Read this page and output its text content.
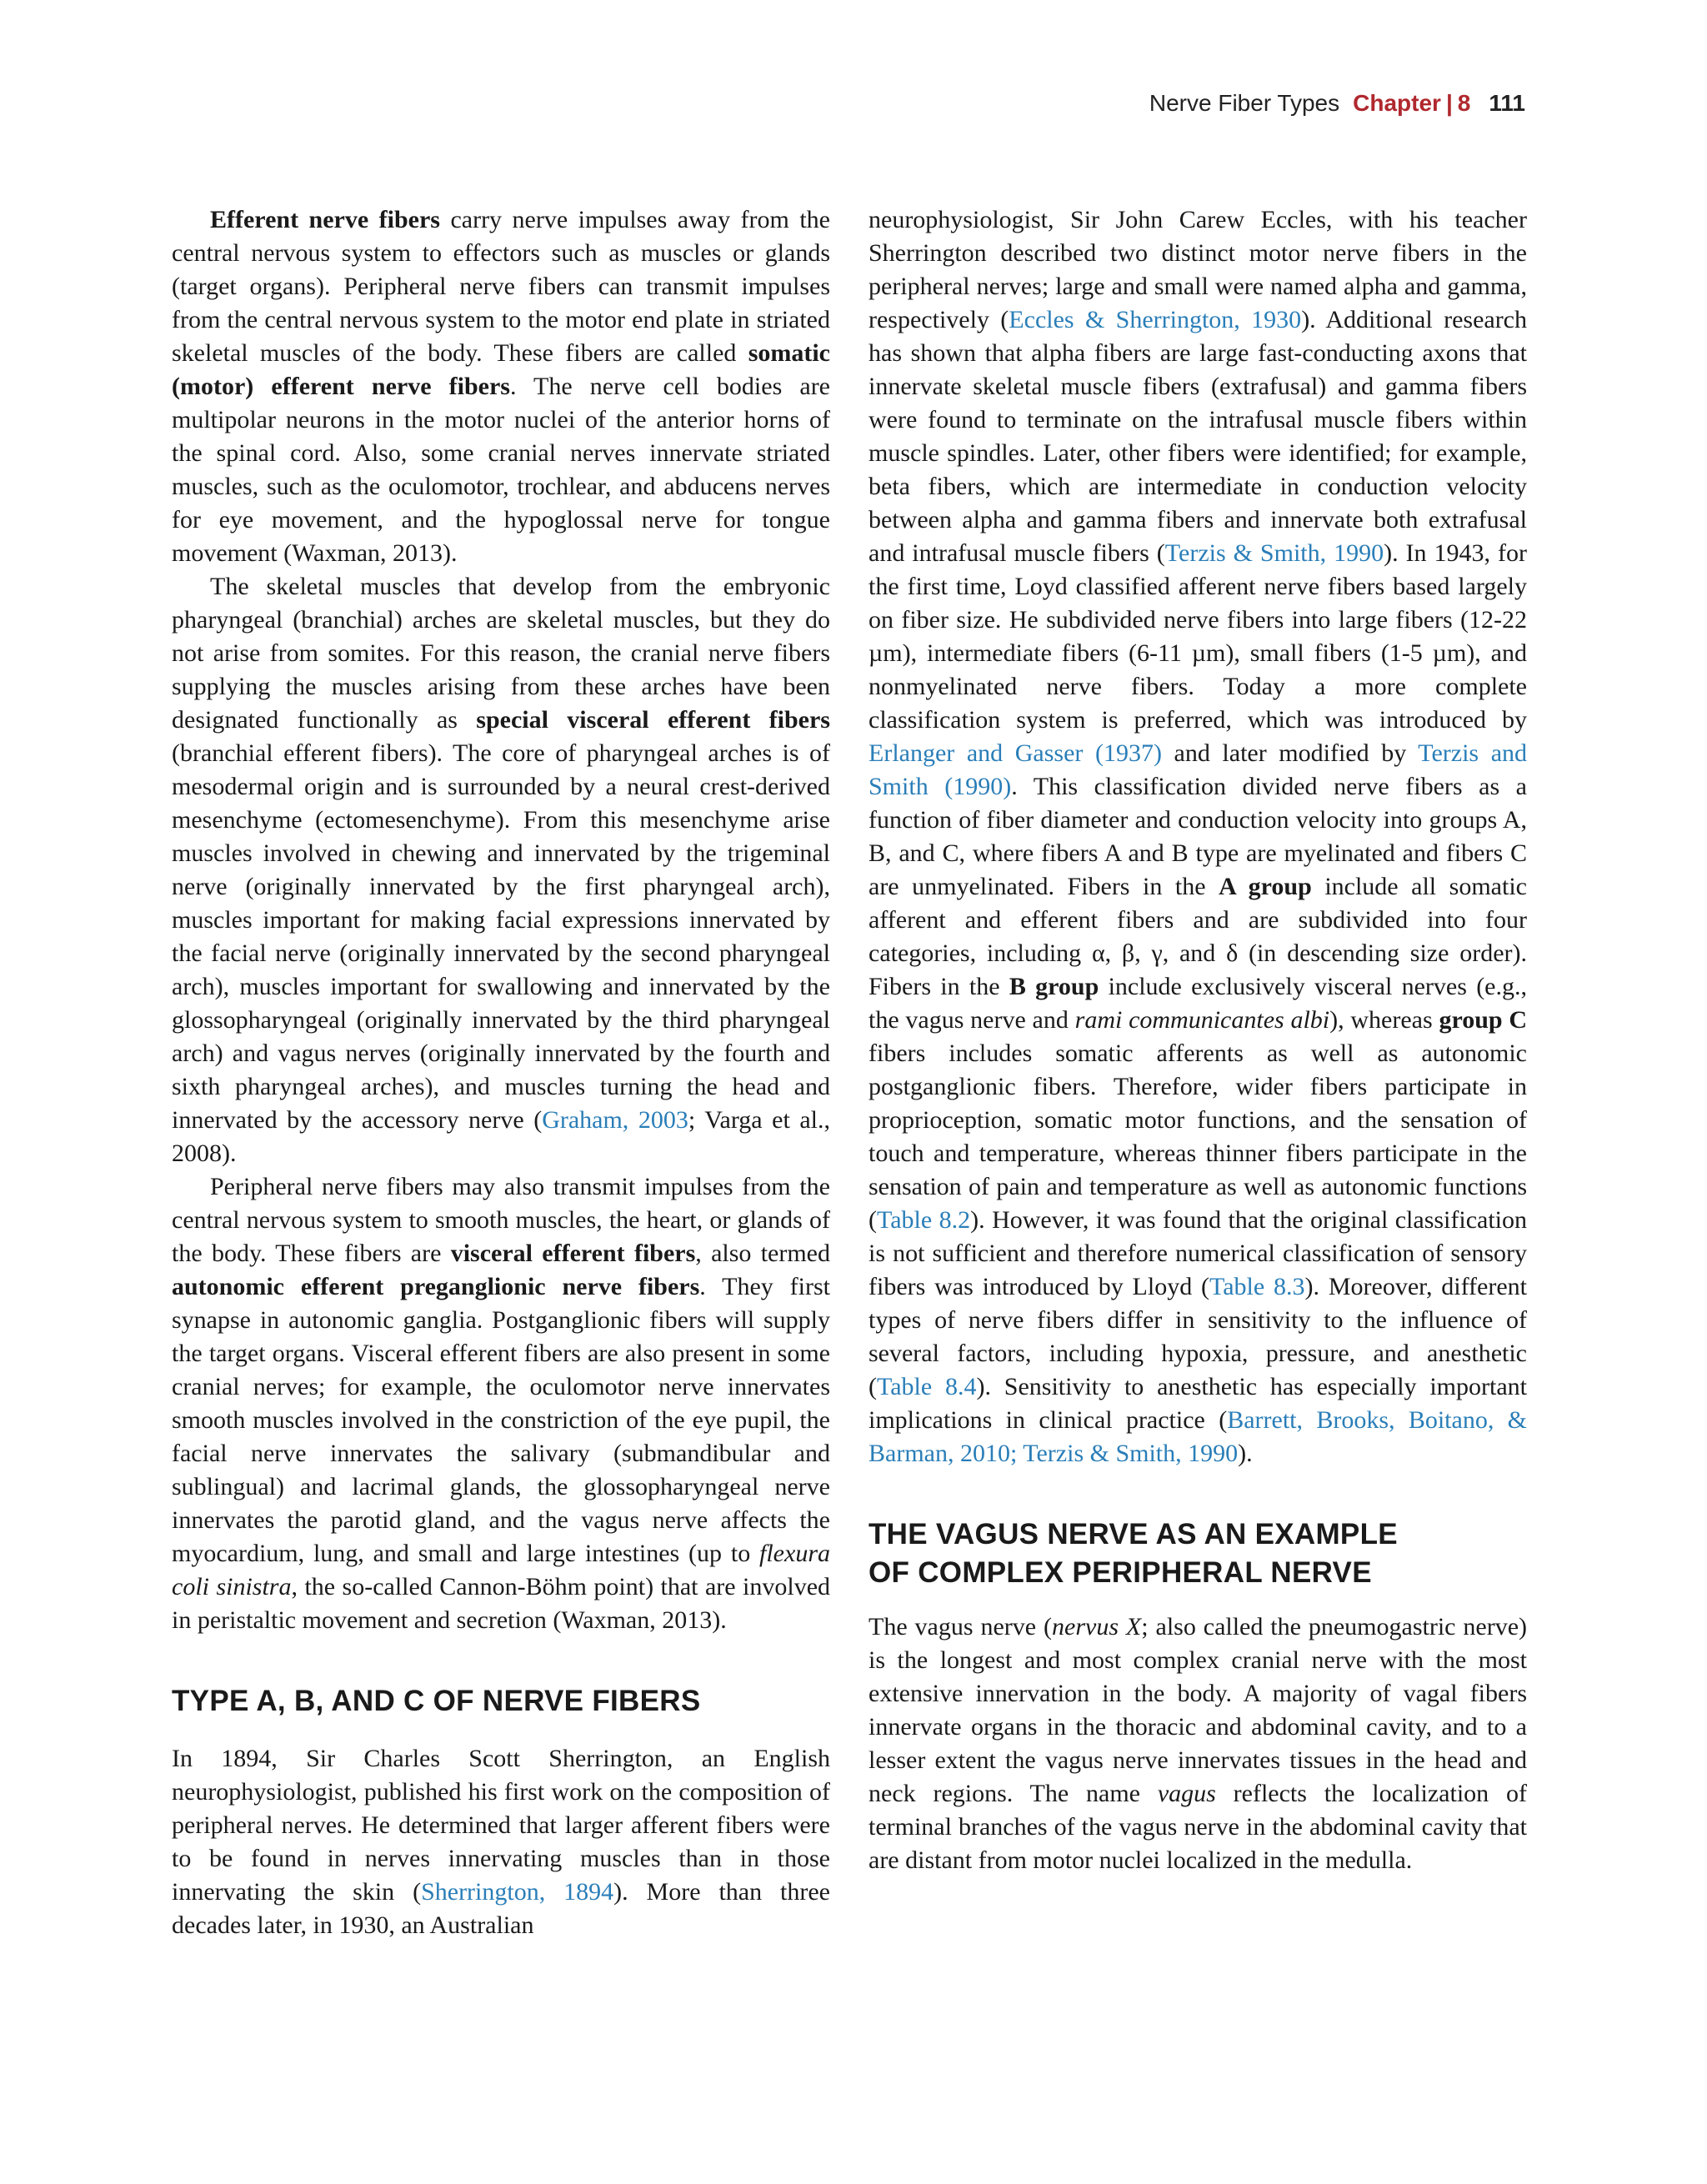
Nerve Fiber Types Chapter | 8 111

Efferent nerve fibers carry nerve impulses away from the central nervous system to effectors such as muscles or glands (target organs). Peripheral nerve fibers can transmit impulses from the central nervous system to the motor end plate in striated skeletal muscles of the body. These fibers are called somatic (motor) efferent nerve fibers. The nerve cell bodies are multipolar neurons in the motor nuclei of the anterior horns of the spinal cord. Also, some cranial nerves innervate striated muscles, such as the oculomotor, trochlear, and abducens nerves for eye movement, and the hypoglossal nerve for tongue movement (Waxman, 2013).

The skeletal muscles that develop from the embryonic pharyngeal (branchial) arches are skeletal muscles, but they do not arise from somites. For this reason, the cranial nerve fibers supplying the muscles arising from these arches have been designated functionally as special visceral efferent fibers (branchial efferent fibers). The core of pharyngeal arches is of mesodermal origin and is surrounded by a neural crest-derived mesenchyme (ectomesenchyme). From this mesenchyme arise muscles involved in chewing and innervated by the trigeminal nerve (originally innervated by the first pharyngeal arch), muscles important for making facial expressions innervated by the facial nerve (originally innervated by the second pharyngeal arch), muscles important for swallowing and innervated by the glossopharyngeal (originally innervated by the third pharyngeal arch) and vagus nerves (originally innervated by the fourth and sixth pharyngeal arches), and muscles turning the head and innervated by the accessory nerve (Graham, 2003; Varga et al., 2008).

Peripheral nerve fibers may also transmit impulses from the central nervous system to smooth muscles, the heart, or glands of the body. These fibers are visceral efferent fibers, also termed autonomic efferent preganglionic nerve fibers. They first synapse in autonomic ganglia. Postganglionic fibers will supply the target organs. Visceral efferent fibers are also present in some cranial nerves; for example, the oculomotor nerve innervates smooth muscles involved in the constriction of the eye pupil, the facial nerve innervates the salivary (submandibular and sublingual) and lacrimal glands, the glossopharyngeal nerve innervates the parotid gland, and the vagus nerve affects the myocardium, lung, and small and large intestines (up to flexura coli sinistra, the so-called Cannon-Böhm point) that are involved in peristaltic movement and secretion (Waxman, 2013).

TYPE A, B, AND C OF NERVE FIBERS

In 1894, Sir Charles Scott Sherrington, an English neurophysiologist, published his first work on the composition of peripheral nerves. He determined that larger afferent fibers were to be found in nerves innervating muscles than in those innervating the skin (Sherrington, 1894). More than three decades later, in 1930, an Australian

neurophysiologist, Sir John Carew Eccles, with his teacher Sherrington described two distinct motor nerve fibers in the peripheral nerves; large and small were named alpha and gamma, respectively (Eccles & Sherrington, 1930). Additional research has shown that alpha fibers are large fast-conducting axons that innervate skeletal muscle fibers (extrafusal) and gamma fibers were found to terminate on the intrafusal muscle fibers within muscle spindles. Later, other fibers were identified; for example, beta fibers, which are intermediate in conduction velocity between alpha and gamma fibers and innervate both extrafusal and intrafusal muscle fibers (Terzis & Smith, 1990). In 1943, for the first time, Loyd classified afferent nerve fibers based largely on fiber size. He subdivided nerve fibers into large fibers (12-22 µm), intermediate fibers (6-11 µm), small fibers (1-5 µm), and nonmyelinated nerve fibers. Today a more complete classification system is preferred, which was introduced by Erlanger and Gasser (1937) and later modified by Terzis and Smith (1990). This classification divided nerve fibers as a function of fiber diameter and conduction velocity into groups A, B, and C, where fibers A and B type are myelinated and fibers C are unmyelinated. Fibers in the A group include all somatic afferent and efferent fibers and are subdivided into four categories, including α, β, γ, and δ (in descending size order). Fibers in the B group include exclusively visceral nerves (e.g., the vagus nerve and rami communicantes albi), whereas group C fibers includes somatic afferents as well as autonomic postganglionic fibers. Therefore, wider fibers participate in proprioception, somatic motor functions, and the sensation of touch and temperature, whereas thinner fibers participate in the sensation of pain and temperature as well as autonomic functions (Table 8.2). However, it was found that the original classification is not sufficient and therefore numerical classification of sensory fibers was introduced by Lloyd (Table 8.3). Moreover, different types of nerve fibers differ in sensitivity to the influence of several factors, including hypoxia, pressure, and anesthetic (Table 8.4). Sensitivity to anesthetic has especially important implications in clinical practice (Barrett, Brooks, Boitano, & Barman, 2010; Terzis & Smith, 1990).

THE VAGUS NERVE AS AN EXAMPLE
OF COMPLEX PERIPHERAL NERVE

The vagus nerve (nervus X; also called the pneumogastric nerve) is the longest and most complex cranial nerve with the most extensive innervation in the body. A majority of vagal fibers innervate organs in the thoracic and abdominal cavity, and to a lesser extent the vagus nerve innervates tissues in the head and neck regions. The name vagus reflects the localization of terminal branches of the vagus nerve in the abdominal cavity that are distant from motor nuclei localized in the medulla.
